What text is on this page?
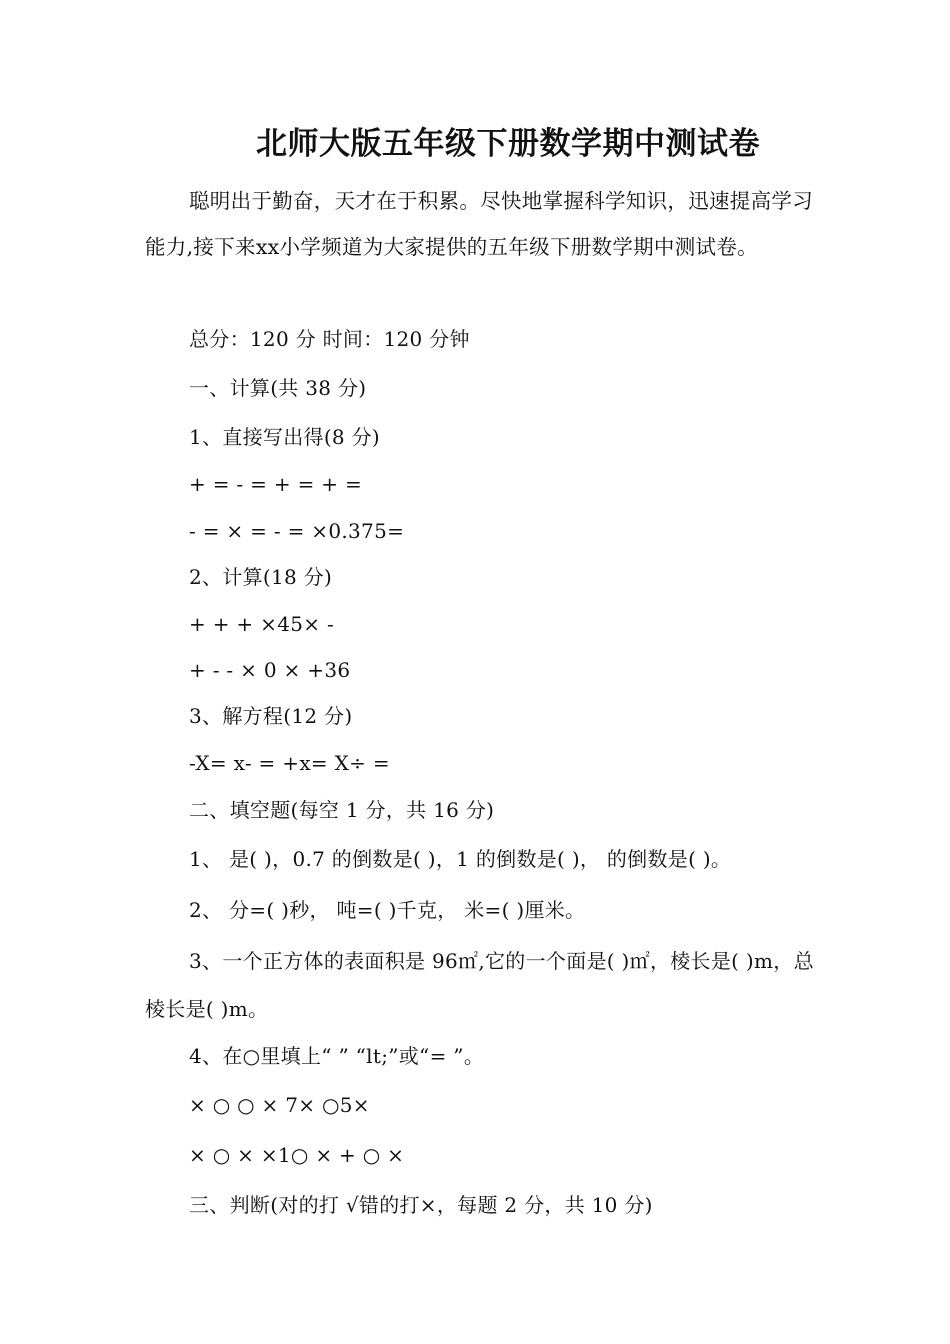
北师大版五年级下册数学期中测试卷
聪明出于勤奋，天才在于积累。尽快地掌握科学知识，迅速提高学习能力,接下来xx小学频道为大家提供的五年级下册数学期中测试卷。
总分：120 分 时间：120 分钟
一、计算(共 38 分)
1、直接写出得(8 分)
+ = - = + = + =
- = × = - = ×0.375=
2、计算(18 分)
+ + + ×45× -
+ - - × 0 × +36
3、解方程(12 分)
-X= x- = +x= X÷ =
二、填空题(每空 1 分，共 16 分)
1、 是( )，0.7 的倒数是( )，1 的倒数是( )， 的倒数是( )。
2、 分=( )秒， 吨=( )千克， 米=( )厘米。
3、一个正方体的表面积是 96㎡,它的一个面是( )㎡，棱长是( )m，总棱长是( )m。
4、在○里填上“ ” “lt;”或“= ”。
× ○ ○ × 7× ○5×
× ○ × ×1○ × + ○ ×
三、判断(对的打 √错的打×，每题 2 分，共 10 分)
